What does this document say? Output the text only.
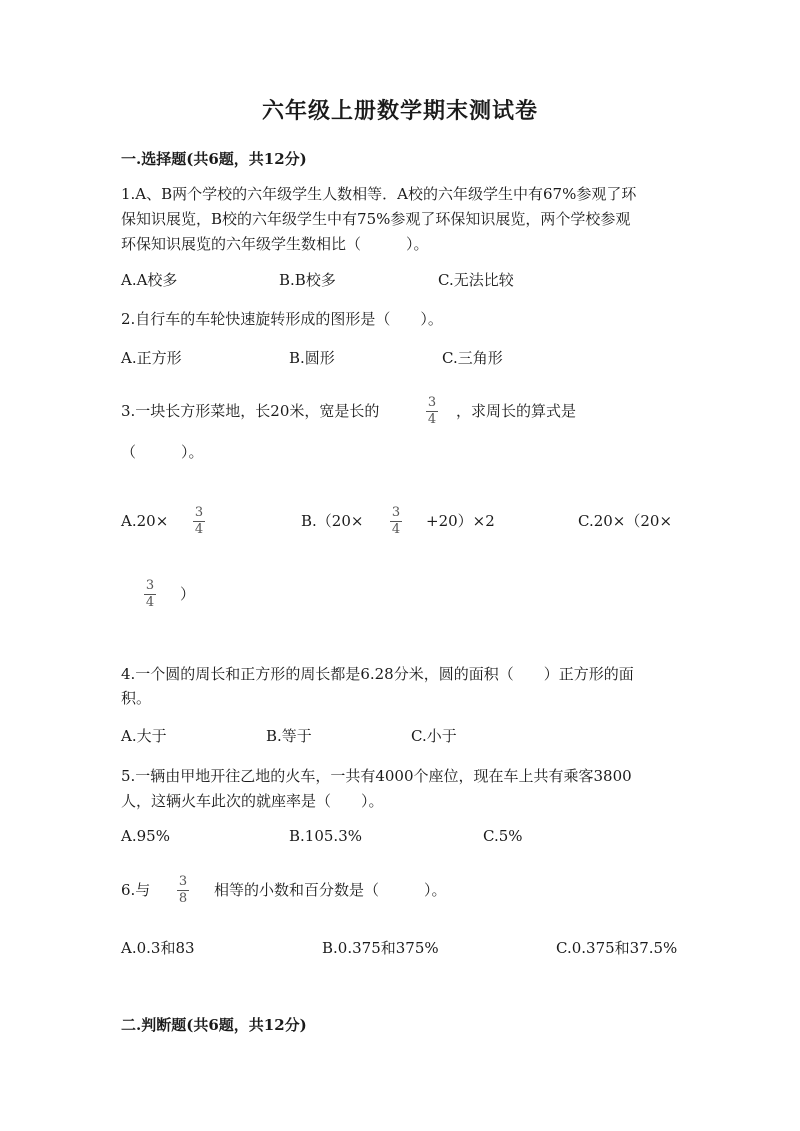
六年级上册数学期末测试卷
一.选择题(共6题，共12分)
1.A、B两个学校的六年级学生人数相等．A校的六年级学生中有67%参观了环
保知识展览，B校的六年级学生中有75%参观了环保知识展览，两个学校参观
环保知识展览的六年级学生数相比（　　　）。
A.A校多	B.B校多	C.无法比较
2.自行车的车轮快速旋转形成的图形是（　　）。
A.正方形	B.圆形	C.三角形
3.一块长方形菜地，长20米，宽是长的	3
4 ，求周长的算式是
（　　　）。
A.20× 3
4	B.（20× 3
4 +20）×2	C.20×（20×
3
4 ）
4.一个圆的周长和正方形的周长都是6.28分米，圆的面积（　　）正方形的面
积。
A.大于	B.等于	C.小于
5.一辆由甲地开往乙地的火车，一共有4000个座位，现在车上共有乘客3800
人，这辆火车此次的就座率是（　　）。
A.95%	B.105.3%	C.5%
6.与 3
8 相等的小数和百分数是（　　　）。
A.0.3和83	B.0.375和375%	C.0.375和37.5%
二.判断题(共6题，共12分)
